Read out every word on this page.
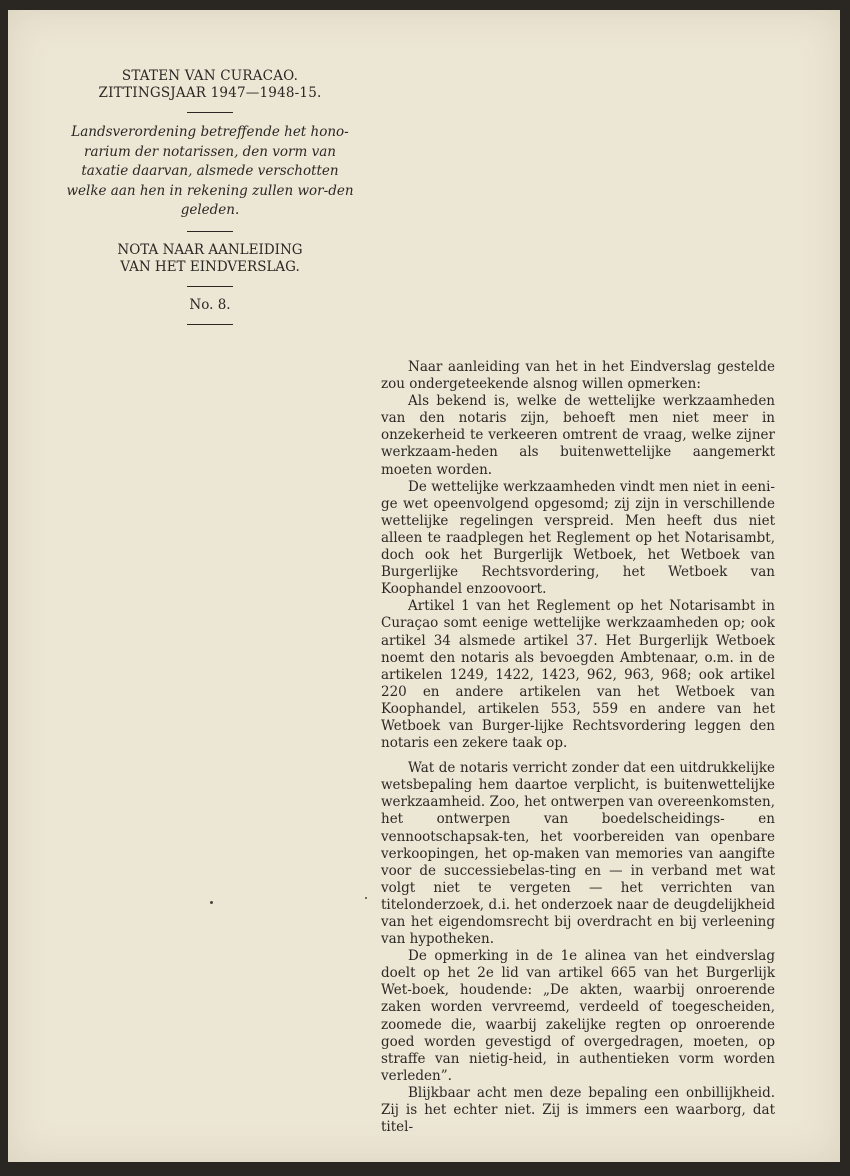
STATEN VAN CURACAO.
ZITTINGSJAAR 1947—1948-15.
Landsverordening betreffende het hono-rarium der notarissen, den vorm van taxatie daarvan, alsmede verschotten welke aan hen in rekening zullen wor-den geleden.
NOTA NAAR AANLEIDING
VAN HET EINDVERSLAG.
No. 8.

Naar aanleiding van het in het Eindverslag gestelde zou ondergeteekende alsnog willen opmerken:

Als bekend is, welke de wettelijke werkzaamheden van den notaris zijn, behoeft men niet meer in onzekerheid te verkeeren omtrent de vraag, welke zijner werkzaam-heden als buitenwettelijke aangemerkt moeten worden.

De wettelijke werkzaamheden vindt men niet in eeni-ge wet opeenvolgend opgesomd; zij zijn in verschillende wettelijke regelingen verspreid. Men heeft dus niet alleen te raadplegen het Reglement op het Notarisambt, doch ook het Burgerlijk Wetboek, het Wetboek van Burgerlijke Rechtsvordering, het Wetboek van Koophandel enzoovoort.

Artikel 1 van het Reglement op het Notarisambt in Curaçao somt eenige wettelijke werkzaamheden op; ook artikel 34 alsmede artikel 37. Het Burgerlijk Wetboek noemt den notaris als bevoegden Ambtenaar, o.m. in de artikelen 1249, 1422, 1423, 962, 963, 968; ook artikel 220 en andere artikelen van het Wetboek van Koophandel, artikelen 553, 559 en andere van het Wetboek van Burger-lijke Rechtsvordering leggen den notaris een zekere taak op.

Wat de notaris verricht zonder dat een uitdrukkelijke wetsbepaling hem daartoe verplicht, is buitenwettelijke werkzaamheid. Zoo, het ontwerpen van overeenkomsten, het ontwerpen van boedelscheidings- en vennootschapsak-ten, het voorbereiden van openbare verkoopingen, het op-maken van memories van aangifte voor de successiebelas-ting en — in verband met wat volgt niet te vergeten — het verrichten van titelonderzoek, d.i. het onderzoek naar de deugdelijkheid van het eigendomsrecht bij overdracht en bij verleening van hypotheken.

De opmerking in de 1e alinea van het eindverslag doelt op het 2e lid van artikel 665 van het Burgerlijk Wet-boek, houdende: „De akten, waarbij onroerende zaken worden vervreemd, verdeeld of toegescheiden, zoomede die, waarbij zakelijke regten op onroerende goed worden gevestigd of overgedragen, moeten, op straffe van nietig-heid, in authentieken vorm worden verleden”.

Blijkbaar acht men deze bepaling een onbillijkheid. Zij is het echter niet. Zij is immers een waarborg, dat titel-
